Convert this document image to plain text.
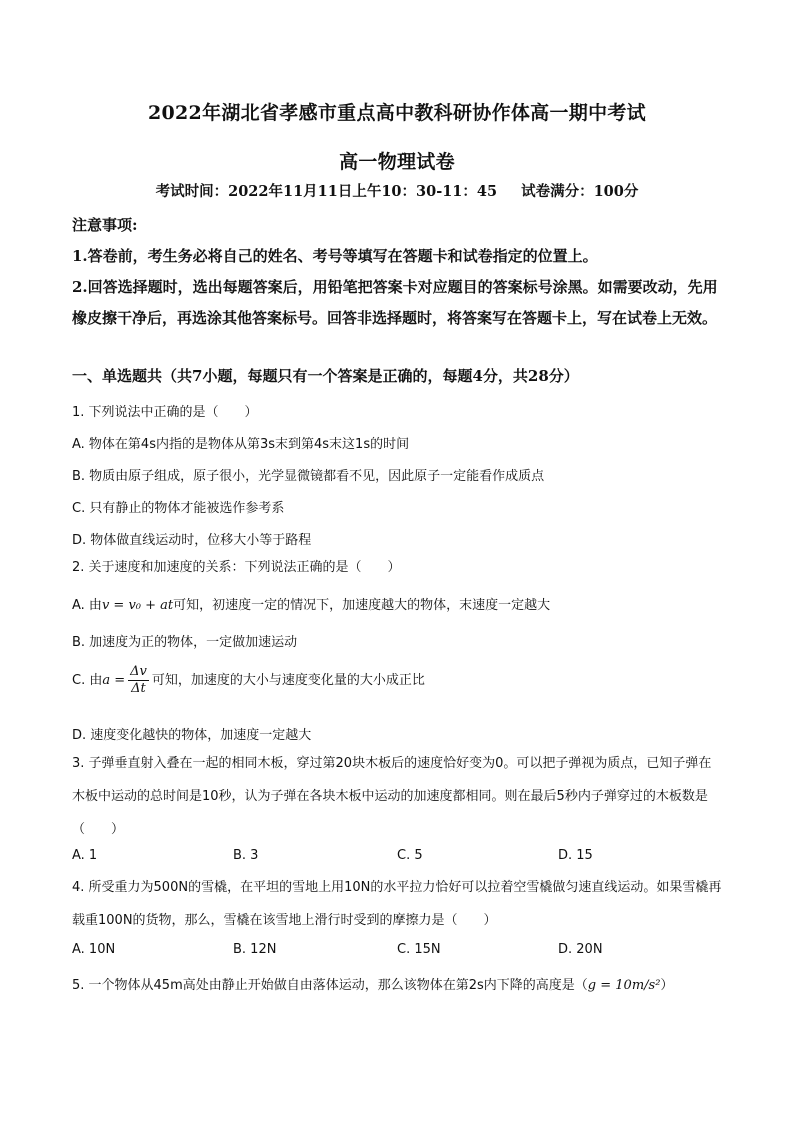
2022年湖北省孝感市重点高中教科研协作体高一期中考试
高一物理试卷
考试时间：2022年11月11日上午10：30-11：45 试卷满分：100分
注意事项:
1.答卷前，考生务必将自己的姓名、考号等填写在答题卡和试卷指定的位置上。
2.回答选择题时，选出每题答案后，用铅笔把答案卡对应题目的答案标号涂黑。如需要改动，先用橡皮擦干净后，再选涂其他答案标号。回答非选择题时，将答案写在答题卡上，写在试卷上无效。
一、单选题共（共7小题，每题只有一个答案是正确的，每题4分，共28分）
1. 下列说法中正确的是（　　）
A. 物体在第4s内指的是物体从第3s末到第4s末这1s的时间
B. 物质由原子组成，原子很小，光学显微镜都看不见，因此原子一定能看作成质点
C. 只有静止的物体才能被选作参考系
D. 物体做直线运动时，位移大小等于路程
2. 关于速度和加速度的关系：下列说法正确的是（　　）
A. 由v = v₀ + at可知，初速度一定的情况下，加速度越大的物体，末速度一定越大
B. 加速度为正的物体，一定做加速运动
C. 由$a = \frac{\Delta v}{\Delta t}$ 可知，加速度的大小与速度变化量的大小成正比
D. 速度变化越快的物体，加速度一定越大
3. 子弹垂直射入叠在一起的相同木板，穿过第20块木板后的速度恰好变为0。可以把子弹视为质点，已知子弹在木板中运动的总时间是10秒，认为子弹在各块木板中运动的加速度都相同。则在最后5秒内子弹穿过的木板数是（　　）
A. 1	B. 3	C. 5	D. 15
4. 所受重力为500N的雪橇，在平坦的雪地上用10N的水平拉力恰好可以拉着空雪橇做匀速直线运动。如果雪橇再载重100N的货物，那么，雪橇在该雪地上滑行时受到的摩擦力是（　　）
A. 10N	B. 12N	C. 15N	D. 20N
5. 一个物体从45m高处由静止开始做自由落体运动，那么该物体在第2s内下降的高度是（g = 10m/s²）
